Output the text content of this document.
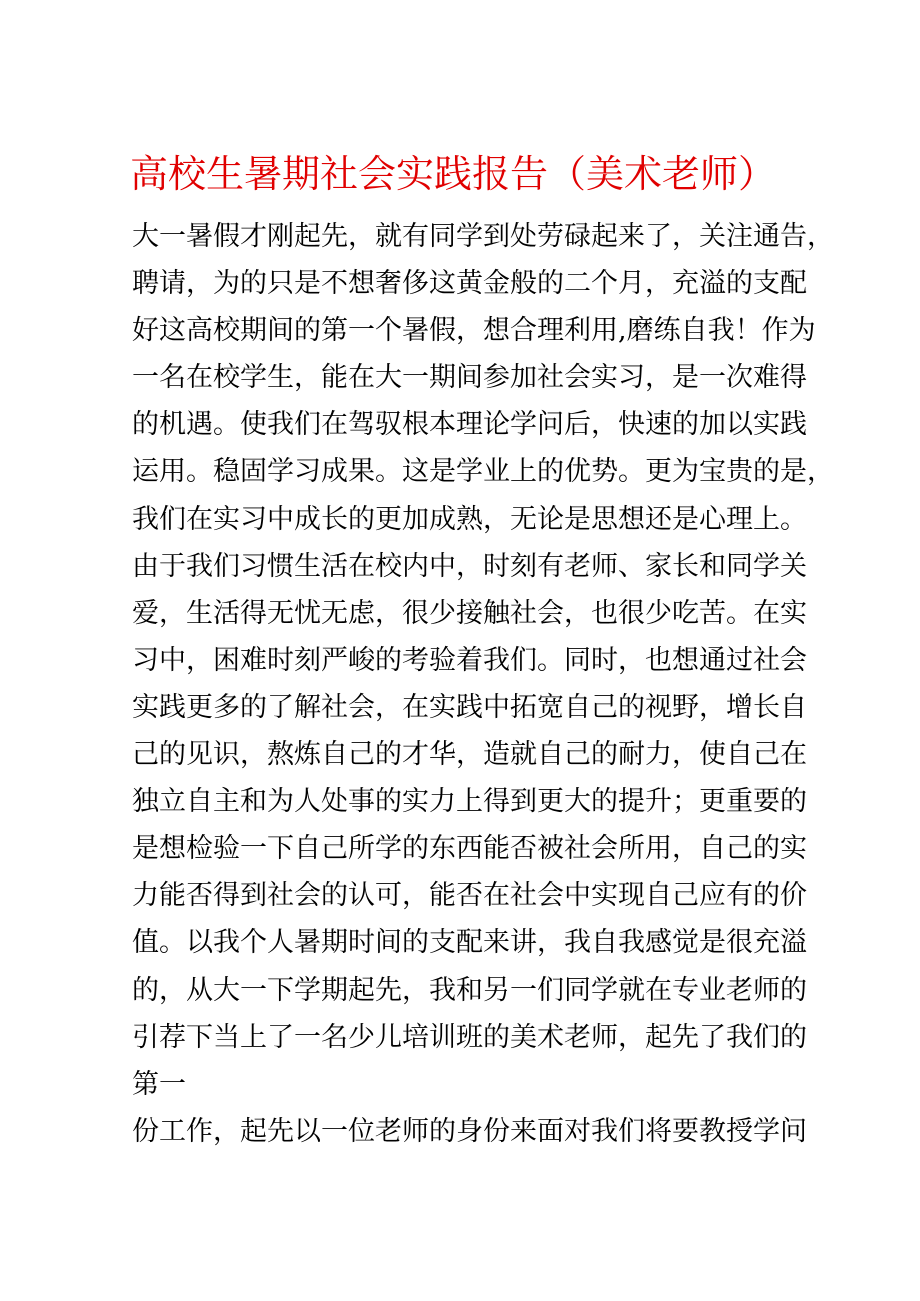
高校生暑期社会实践报告（美术老师）
大一暑假才刚起先，就有同学到处劳碌起来了，关注通告，
聘请，为的只是不想奢侈这黄金般的二个月，充溢的支配
好这高校期间的第一个暑假，想合理利用,磨练自我！作为
一名在校学生，能在大一期间参加社会实习，是一次难得
的机遇。使我们在驾驭根本理论学问后，快速的加以实践
运用。稳固学习成果。这是学业上的优势。更为宝贵的是，
我们在实习中成长的更加成熟，无论是思想还是心理上。
由于我们习惯生活在校内中，时刻有老师、家长和同学关
爱，生活得无忧无虑，很少接触社会，也很少吃苦。在实
习中，困难时刻严峻的考验着我们。同时，也想通过社会
实践更多的了解社会，在实践中拓宽自己的视野，增长自
己的见识，熬炼自己的才华，造就自己的耐力，使自己在
独立自主和为人处事的实力上得到更大的提升；更重要的
是想检验一下自己所学的东西能否被社会所用，自己的实
力能否得到社会的认可，能否在社会中实现自己应有的价
值。以我个人暑期时间的支配来讲，我自我感觉是很充溢
的，从大一下学期起先，我和另一们同学就在专业老师的
引荐下当上了一名少儿培训班的美术老师，起先了我们的
第一
份工作，起先以一位老师的身份来面对我们将要教授学问
